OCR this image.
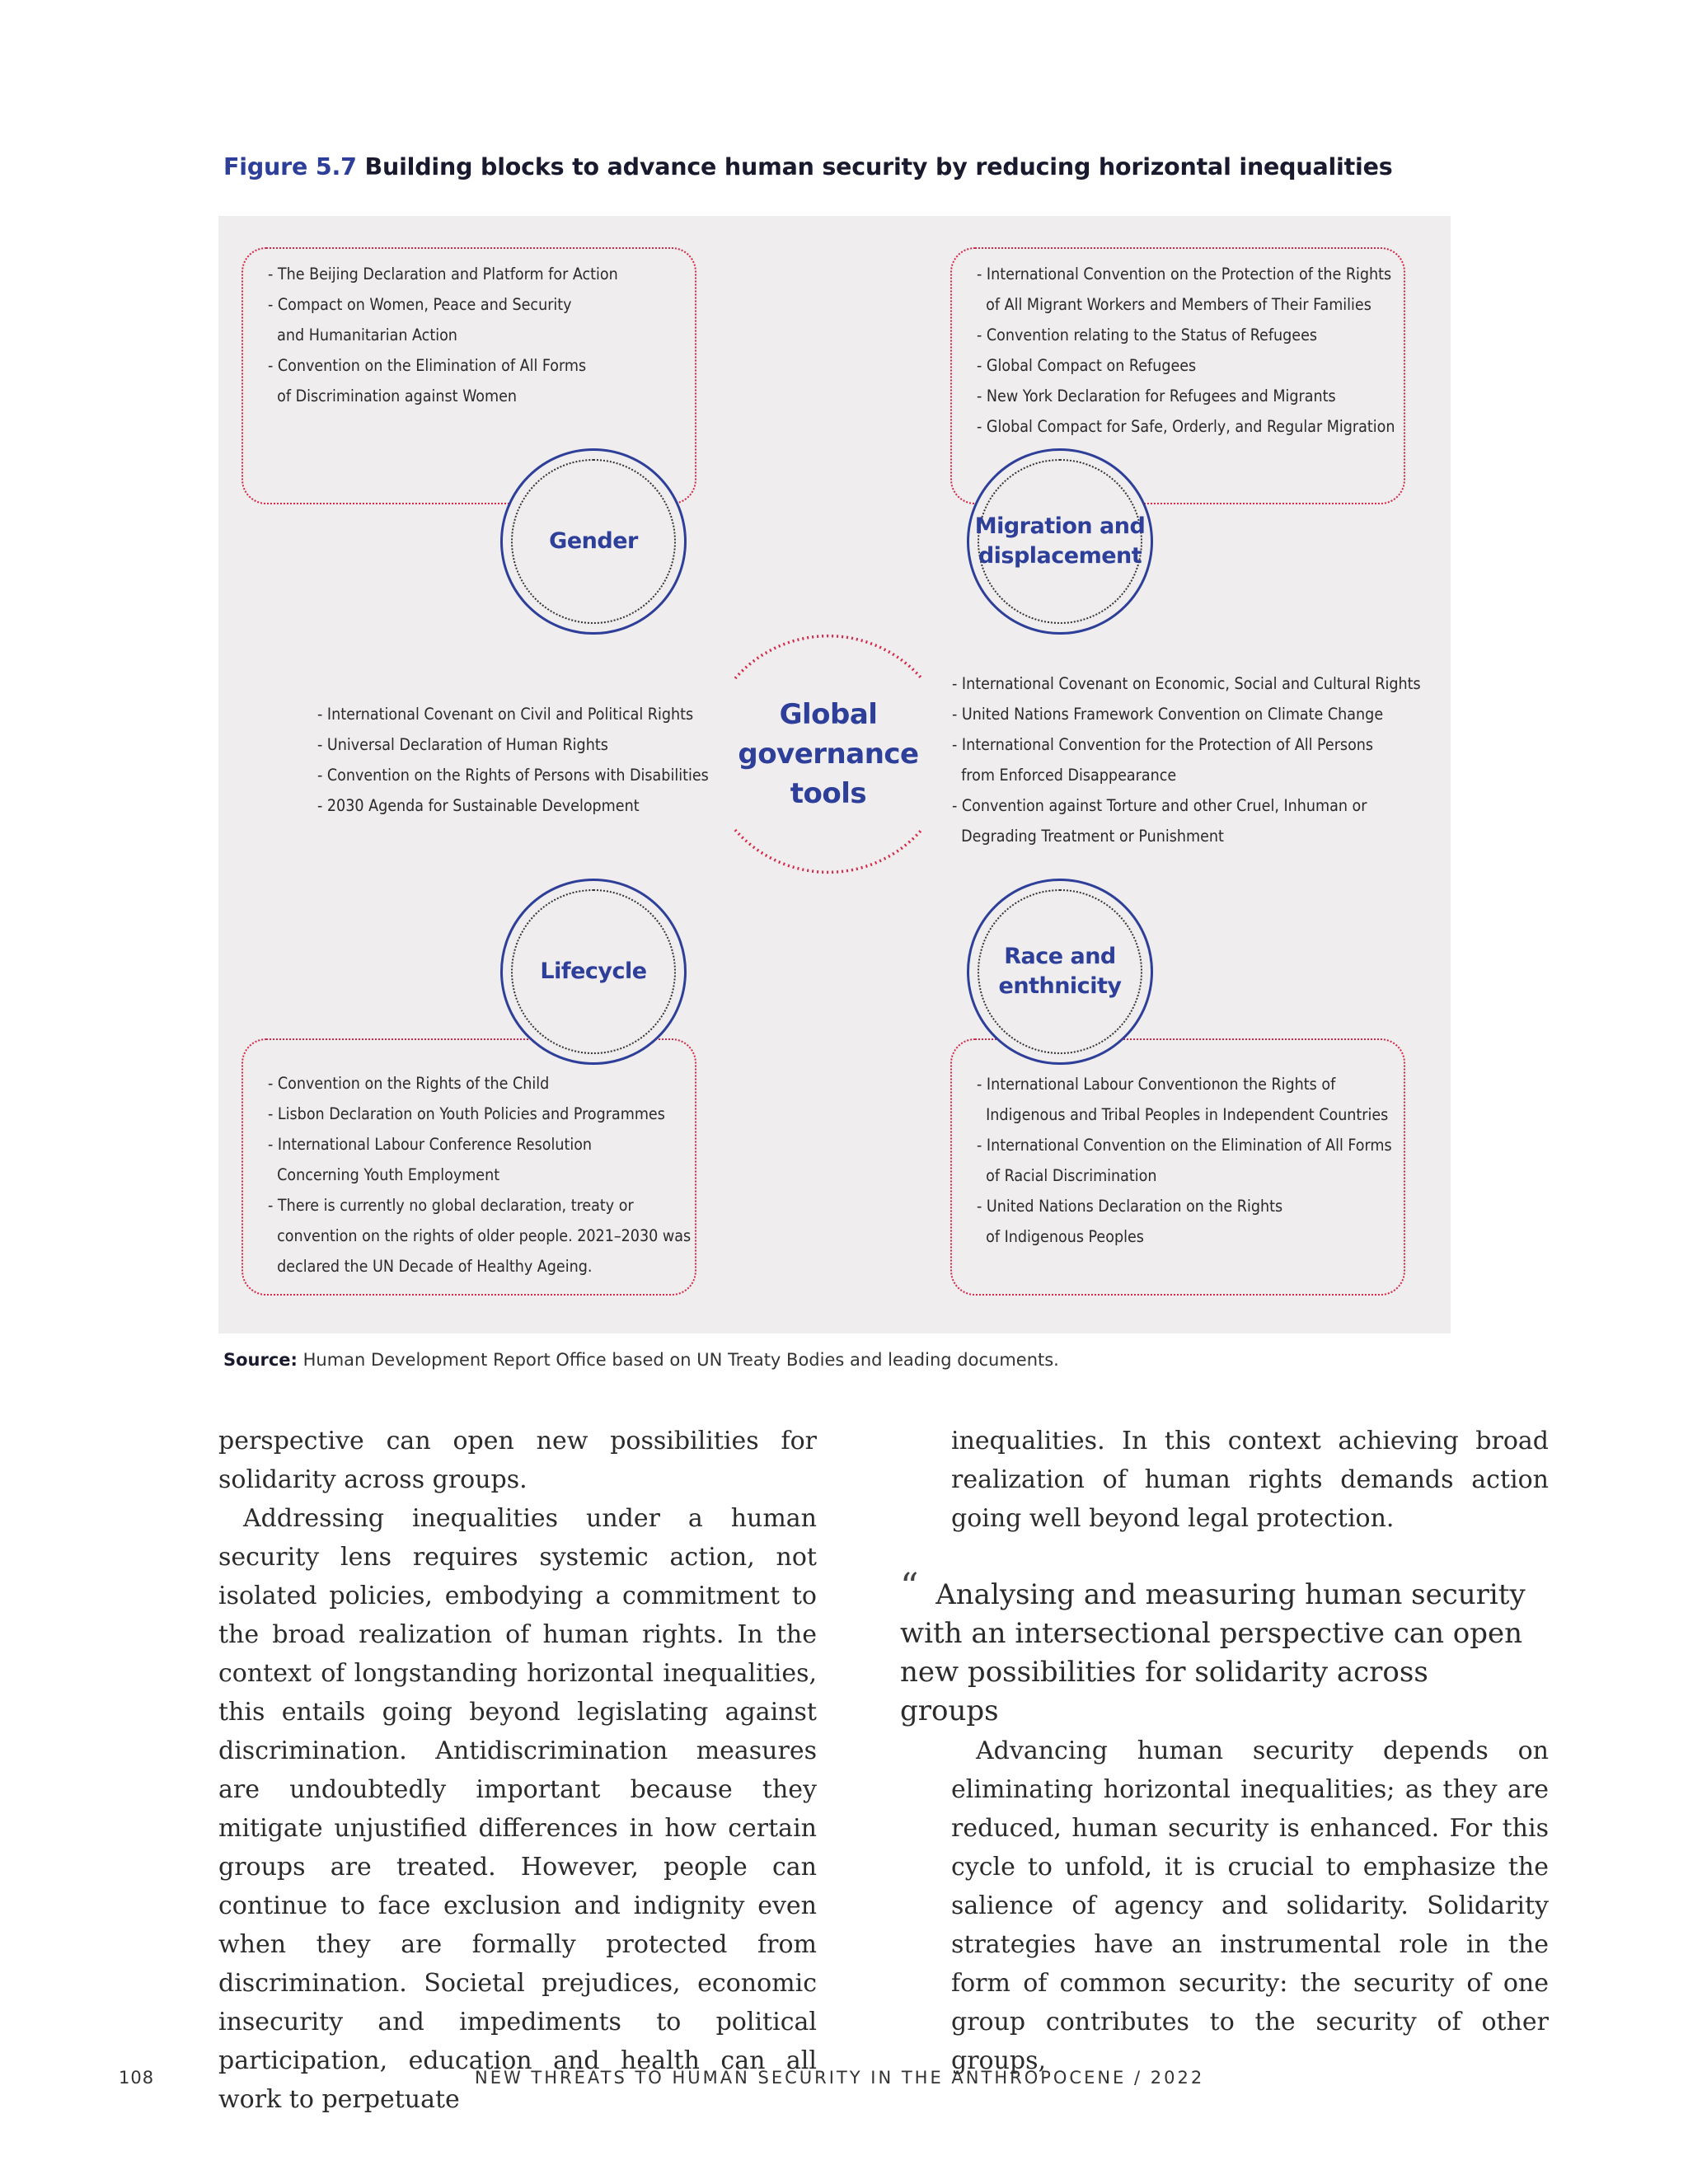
Figure 5.7 Building blocks to advance human security by reducing horizontal inequalities
- The Beijing Declaration and Platform for Action
- Compact on Women, Peace and Security
and Humanitarian Action
- Convention on the Elimination of All Forms
of Discrimination against Women
- International Convention on the Protection of the Rights
of All Migrant Workers and Members of Their Families
- Convention relating to the Status of Refugees
- Global Compact on Refugees
- New York Declaration for Refugees and Migrants
- Global Compact for Safe, Orderly, and Regular Migration
- Convention on the Rights of the Child
- Lisbon Declaration on Youth Policies and Programmes
- International Labour Conference Resolution
Concerning Youth Employment
- There is currently no global declaration, treaty or
convention on the rights of older people. 2021–2030 was
declared the UN Decade of Healthy Ageing.
- International Labour Conventionon the Rights of
Indigenous and Tribal Peoples in Independent Countries
- International Convention on the Elimination of All Forms
of Racial Discrimination
- United Nations Declaration on the Rights
of Indigenous Peoples
- International Covenant on Civil and Political Rights
- Universal Declaration of Human Rights
- Convention on the Rights of Persons with Disabilities
- 2030 Agenda for Sustainable Development
- International Covenant on Economic, Social and Cultural Rights
- United Nations Framework Convention on Climate Change
- International Convention for the Protection of All Persons
from Enforced Disappearance
- Convention against Torture and other Cruel, Inhuman or
Degrading Treatment or Punishment
Gender
Migration and
displacement
Lifecycle
Race and
enthnicity
Global
governance
tools
Source: Human Development Report Office based on UN Treaty Bodies and leading documents.

perspective can open new possibilities for solidarity across groups.

Addressing inequalities under a human security lens requires systemic action, not isolated policies, embodying a commitment to the broad realization of human rights. In the context of longstanding horizontal inequalities, this entails going beyond legislating against discrimination. Antidiscrimination measures are undoubtedly important because they mitigate unjustified differences in how certain groups are treated. However, people can continue to face exclusion and indignity even when they are formally protected from discrimination. Societal prejudices, economic insecurity and impediments to political participation, education and health can all work to perpetuate

inequalities. In this context achieving broad realization of human rights demands action going well beyond legal protection.

“ Analysing and measuring human security with an intersectional perspective can open new possibilities for solidarity across groups
Advancing human security depends on eliminating horizontal inequalities; as they are reduced, human security is enhanced. For this cycle to unfold, it is crucial to emphasize the salience of agency and solidarity. Solidarity strategies have an instrumental role in the form of common security: the security of one group contributes to the security of other groups,
108	NEW THREATS TO HUMAN SECURITY IN THE ANTHROPOCENE / 2022
